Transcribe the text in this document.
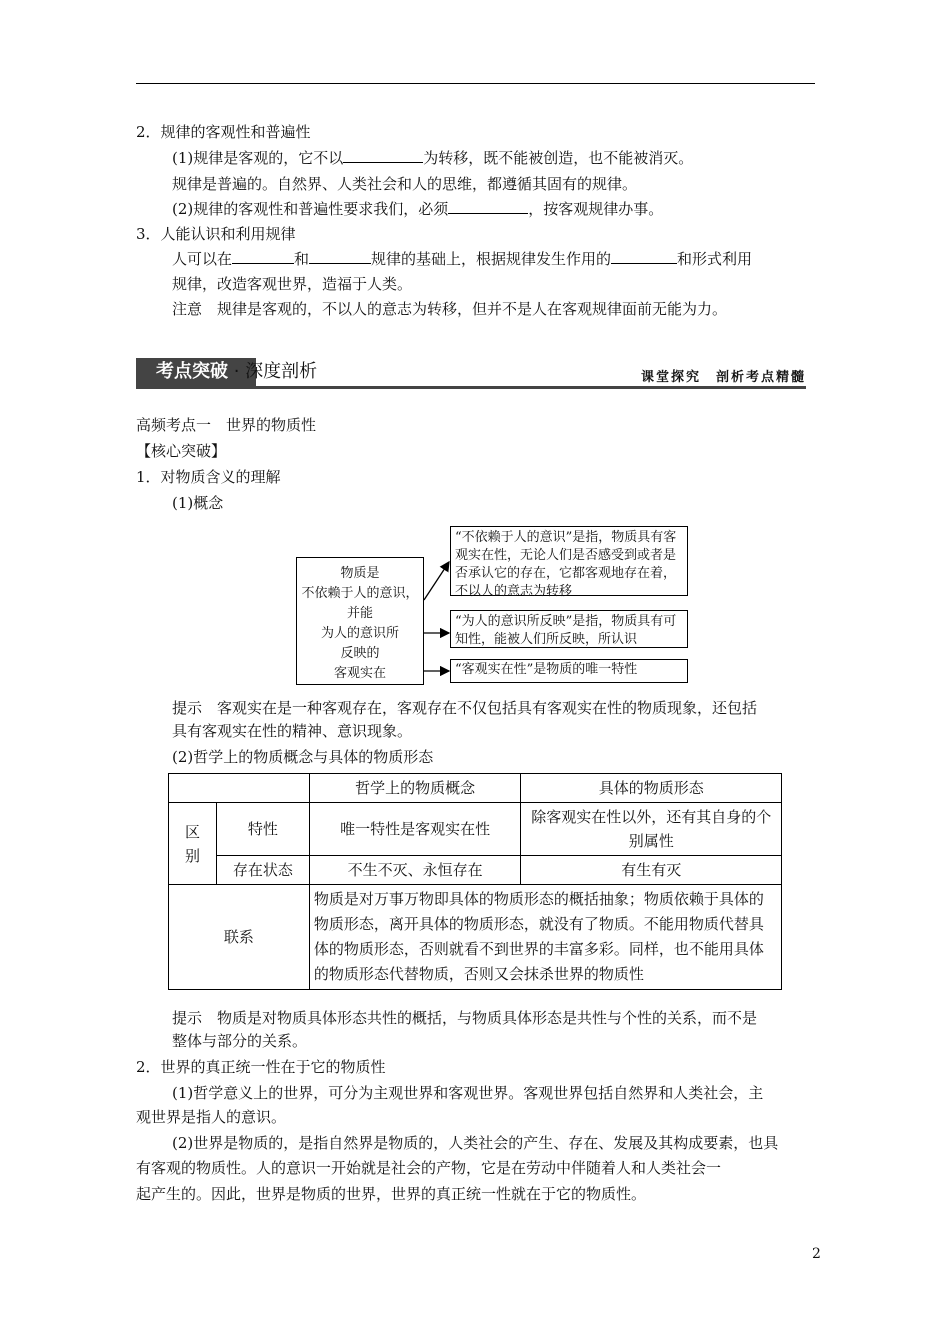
2．规律的客观性和普遍性
(1)规律是客观的，它不以	为转移，既不能被创造，也不能被消灭。
规律是普遍的。自然界、人类社会和人的思维，都遵循其固有的规律。
(2)规律的客观性和普遍性要求我们，必须	，按客观规律办事。
3．人能认识和利用规律
人可以在	和	规律的基础上，根据规律发生作用的	和形式利用
规律，改造客观世界，造福于人类。
注意　规律是客观的，不以人的意志为转移，但并不是人在客观规律面前无能为力。
考点突破 · 深度剖析	课堂探究　剖析考点精髓
高频考点一　世界的物质性
【核心突破】
1．对物质含义的理解
(1)概念
物质是
不依赖于人的意识，
并能
为人的意识所
反映的
客观实在
“不依赖于人的意识”是指，物质具有客观实在性，无论人们是否感受到或者是否承认它的存在，它都客观地存在着，不以人的意志为转移
“为人的意识所反映”是指，物质具有可知性，能被人们所反映，所认识
“客观实在性”是物质的唯一特性
提示　客观实在是一种客观存在，客观存在不仅包括具有客观实在性的物质现象，还包括
具有客观实在性的精神、意识现象。
(2)哲学上的物质概念与具体的物质形态
		哲学上的物质概念	具体的物质形态
区别	特性	唯一特性是客观实在性	除客观实在性以外，还有其自身的个别属性
	存在状态	不生不灭、永恒存在	有生有灭
联系		物质是对万事万物即具体的物质形态的概括抽象；物质依赖于具体的物质形态，离开具体的物质形态，就没有了物质。不能用物质代替具体的物质形态，否则就看不到世界的丰富多彩。同样，也不能用具体的物质形态代替物质，否则又会抹杀世界的物质性	
提示　物质是对物质具体形态共性的概括，与物质具体形态是共性与个性的关系，而不是
整体与部分的关系。
2．世界的真正统一性在于它的物质性
(1)哲学意义上的世界，可分为主观世界和客观世界。客观世界包括自然界和人类社会，主
观世界是指人的意识。
(2)世界是物质的，是指自然界是物质的，人类社会的产生、存在、发展及其构成要素，也具
有客观的物质性。人的意识一开始就是社会的产物，它是在劳动中伴随着人和人类社会一
起产生的。因此，世界是物质的世界，世界的真正统一性就在于它的物质性。
2
